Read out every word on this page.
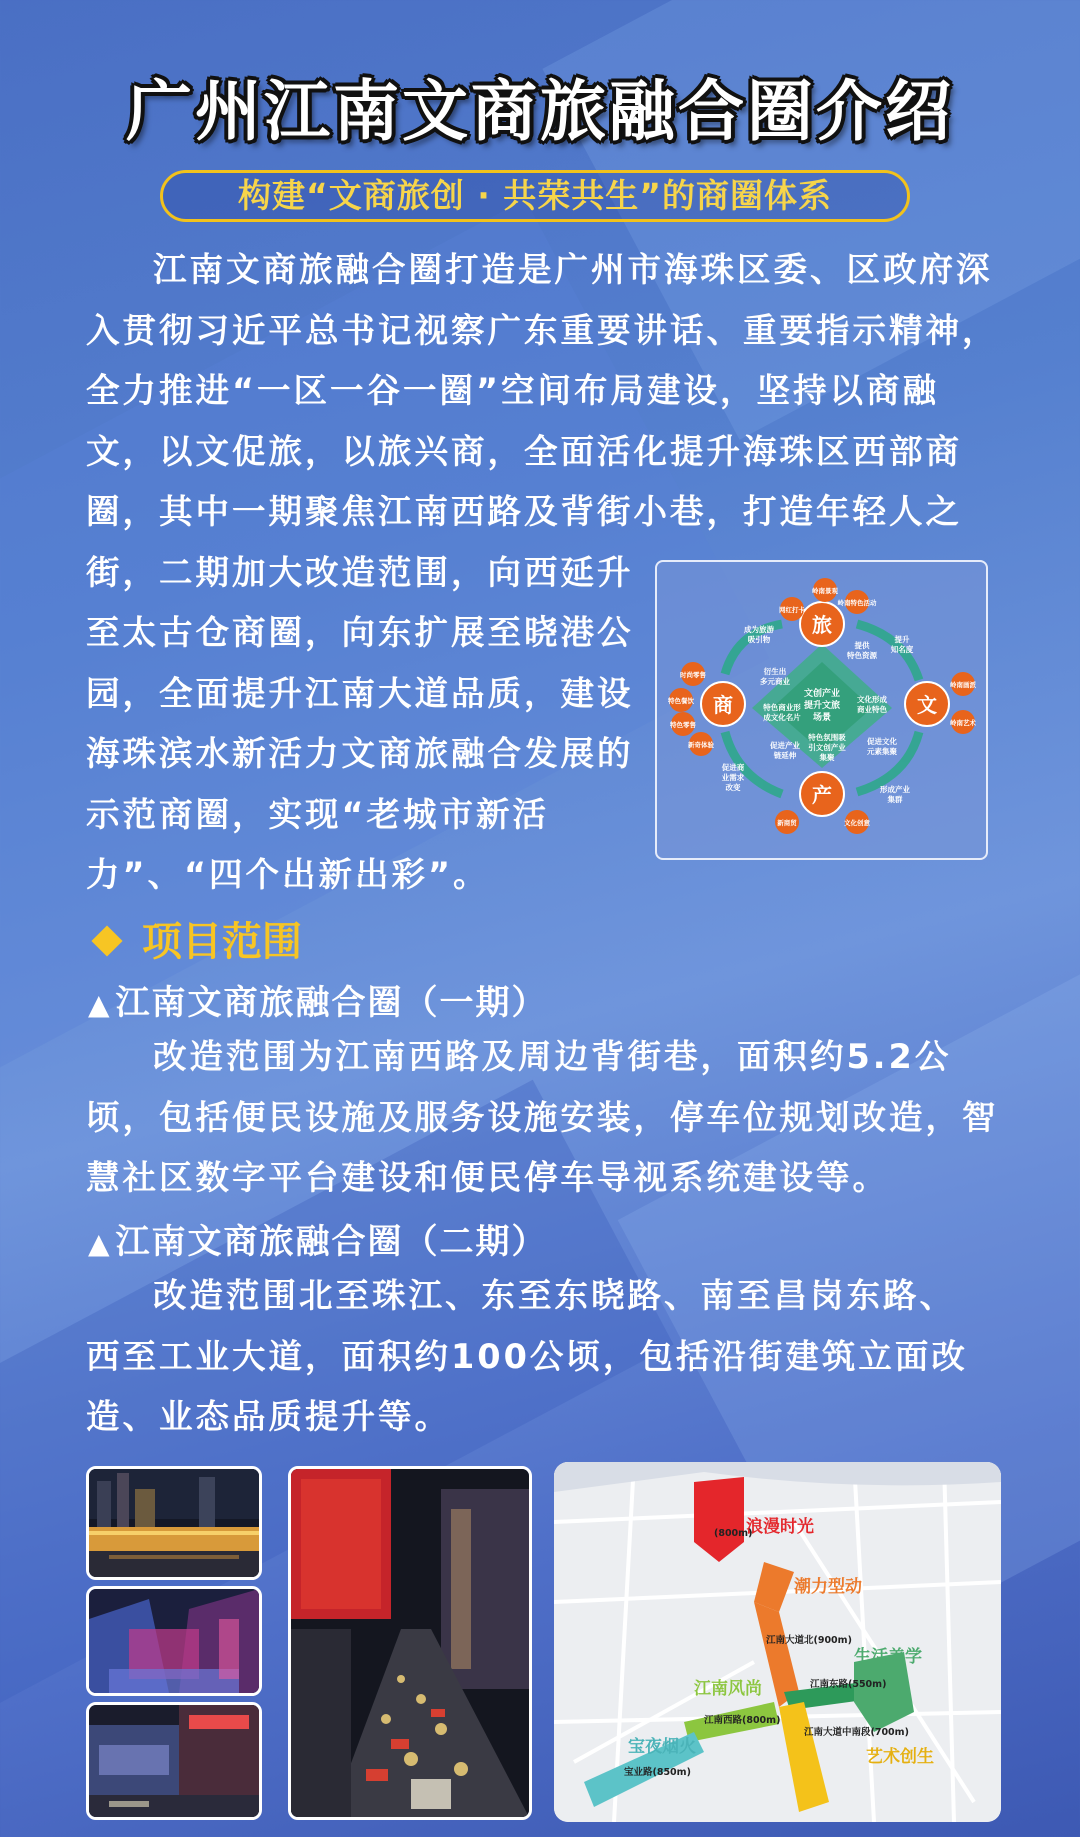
广州江南文商旅融合圈介绍
构建“文商旅创 · 共荣共生”的商圈体系
江南文商旅融合圈打造是广州市海珠区委、区政府深
入贯彻习近平总书记视察广东重要讲话、重要指示精神，
全力推进“一区一谷一圈”空间布局建设，坚持以商融
文，以文促旅，以旅兴商，全面活化提升海珠区西部商
圈，其中一期聚焦江南西路及背街小巷，打造年轻人之
街，二期加大改造范围，向西延升
至太古仓商圈，向东扩展至晓港公
园，全面提升江南大道品质，建设
海珠滨水新活力文商旅融合发展的
示范商圈，实现“老城市新活
力”、“四个出新出彩”。
文创产业
提升文旅
场景
旅
商	文
产
网红打卡
岭南景观
岭南特色活动
时尚零售
特色餐饮
特色零售
新奇体验
岭南画派
岭南艺术
新商贸	文化创意
成为旅游
吸引物	提升
知名度
提供
特色资源
衍生出
多元商业
特色商业形
成文化名片
文化形成
商业特色
特色氛围吸
引文创产业
集聚
促进产业
链延伸
促进文化
元素集聚
促进商
业需求
改变	形成产业
集群
项目范围
▲ 江南文商旅融合圈（一期）
改造范围为江南西路及周边背街巷，面积约5.2公
顷，包括便民设施及服务设施安装，停车位规划改造，智
慧社区数字平台建设和便民停车导视系统建设等。
▲ 江南文商旅融合圈（二期）
改造范围北至珠江、东至东晓路、南至昌岗东路、
西至工业大道，面积约100公顷，包括沿街建筑立面改
造、业态品质提升等。
浪漫时光
潮力型动
生活美学
江南风尚
宝夜烟火	艺术创生
(800m)
江南大道北(900m)
江南东路(550m)
江南西路(800m)
宝业路(850m)
江南大道中南段(700m)
